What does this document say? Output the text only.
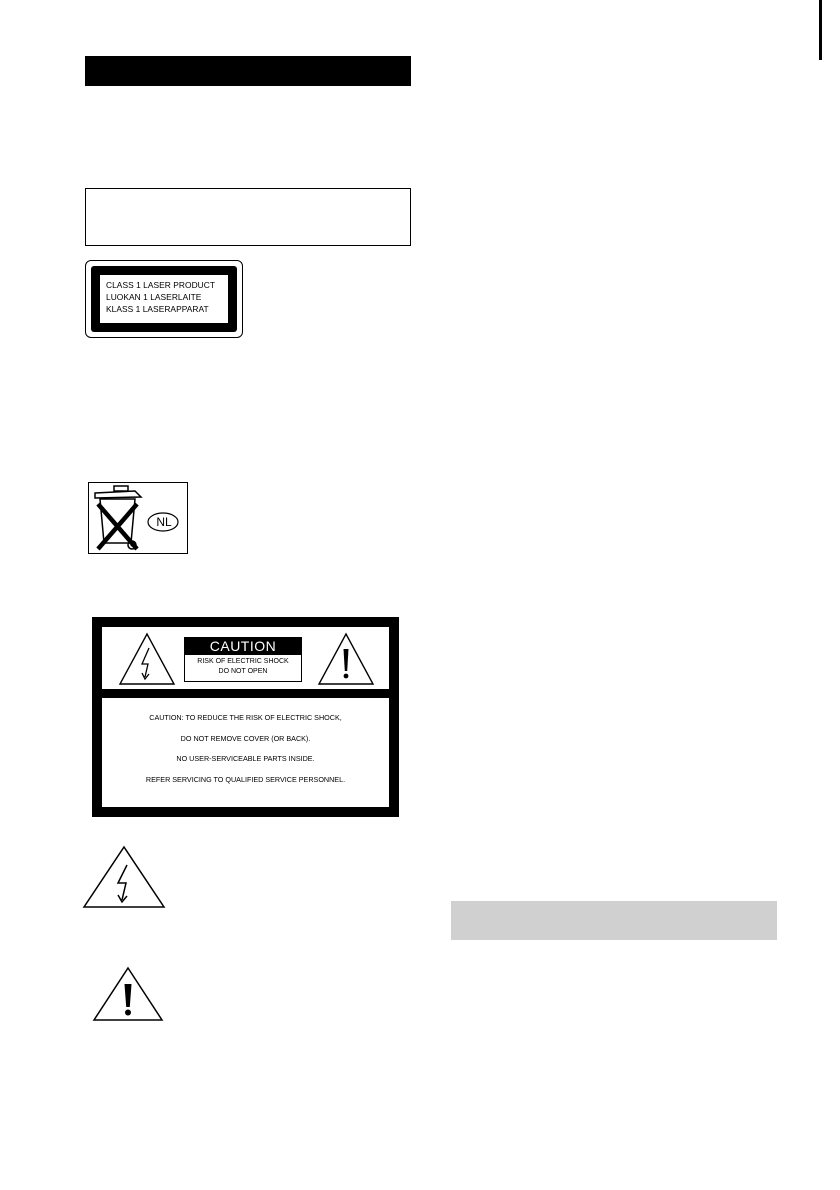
CLASS 1 LASER PRODUCT
LUOKAN 1 LASERLAITE
KLASS 1 LASERAPPARAT
NL
CAUTION
RISK OF ELECTRIC SHOCK
DO NOT OPEN
CAUTION: TO REDUCE THE RISK OF ELECTRIC SHOCK,
DO NOT REMOVE COVER (OR BACK).
NO USER-SERVICEABLE PARTS INSIDE.
REFER SERVICING TO QUALIFIED SERVICE PERSONNEL.
